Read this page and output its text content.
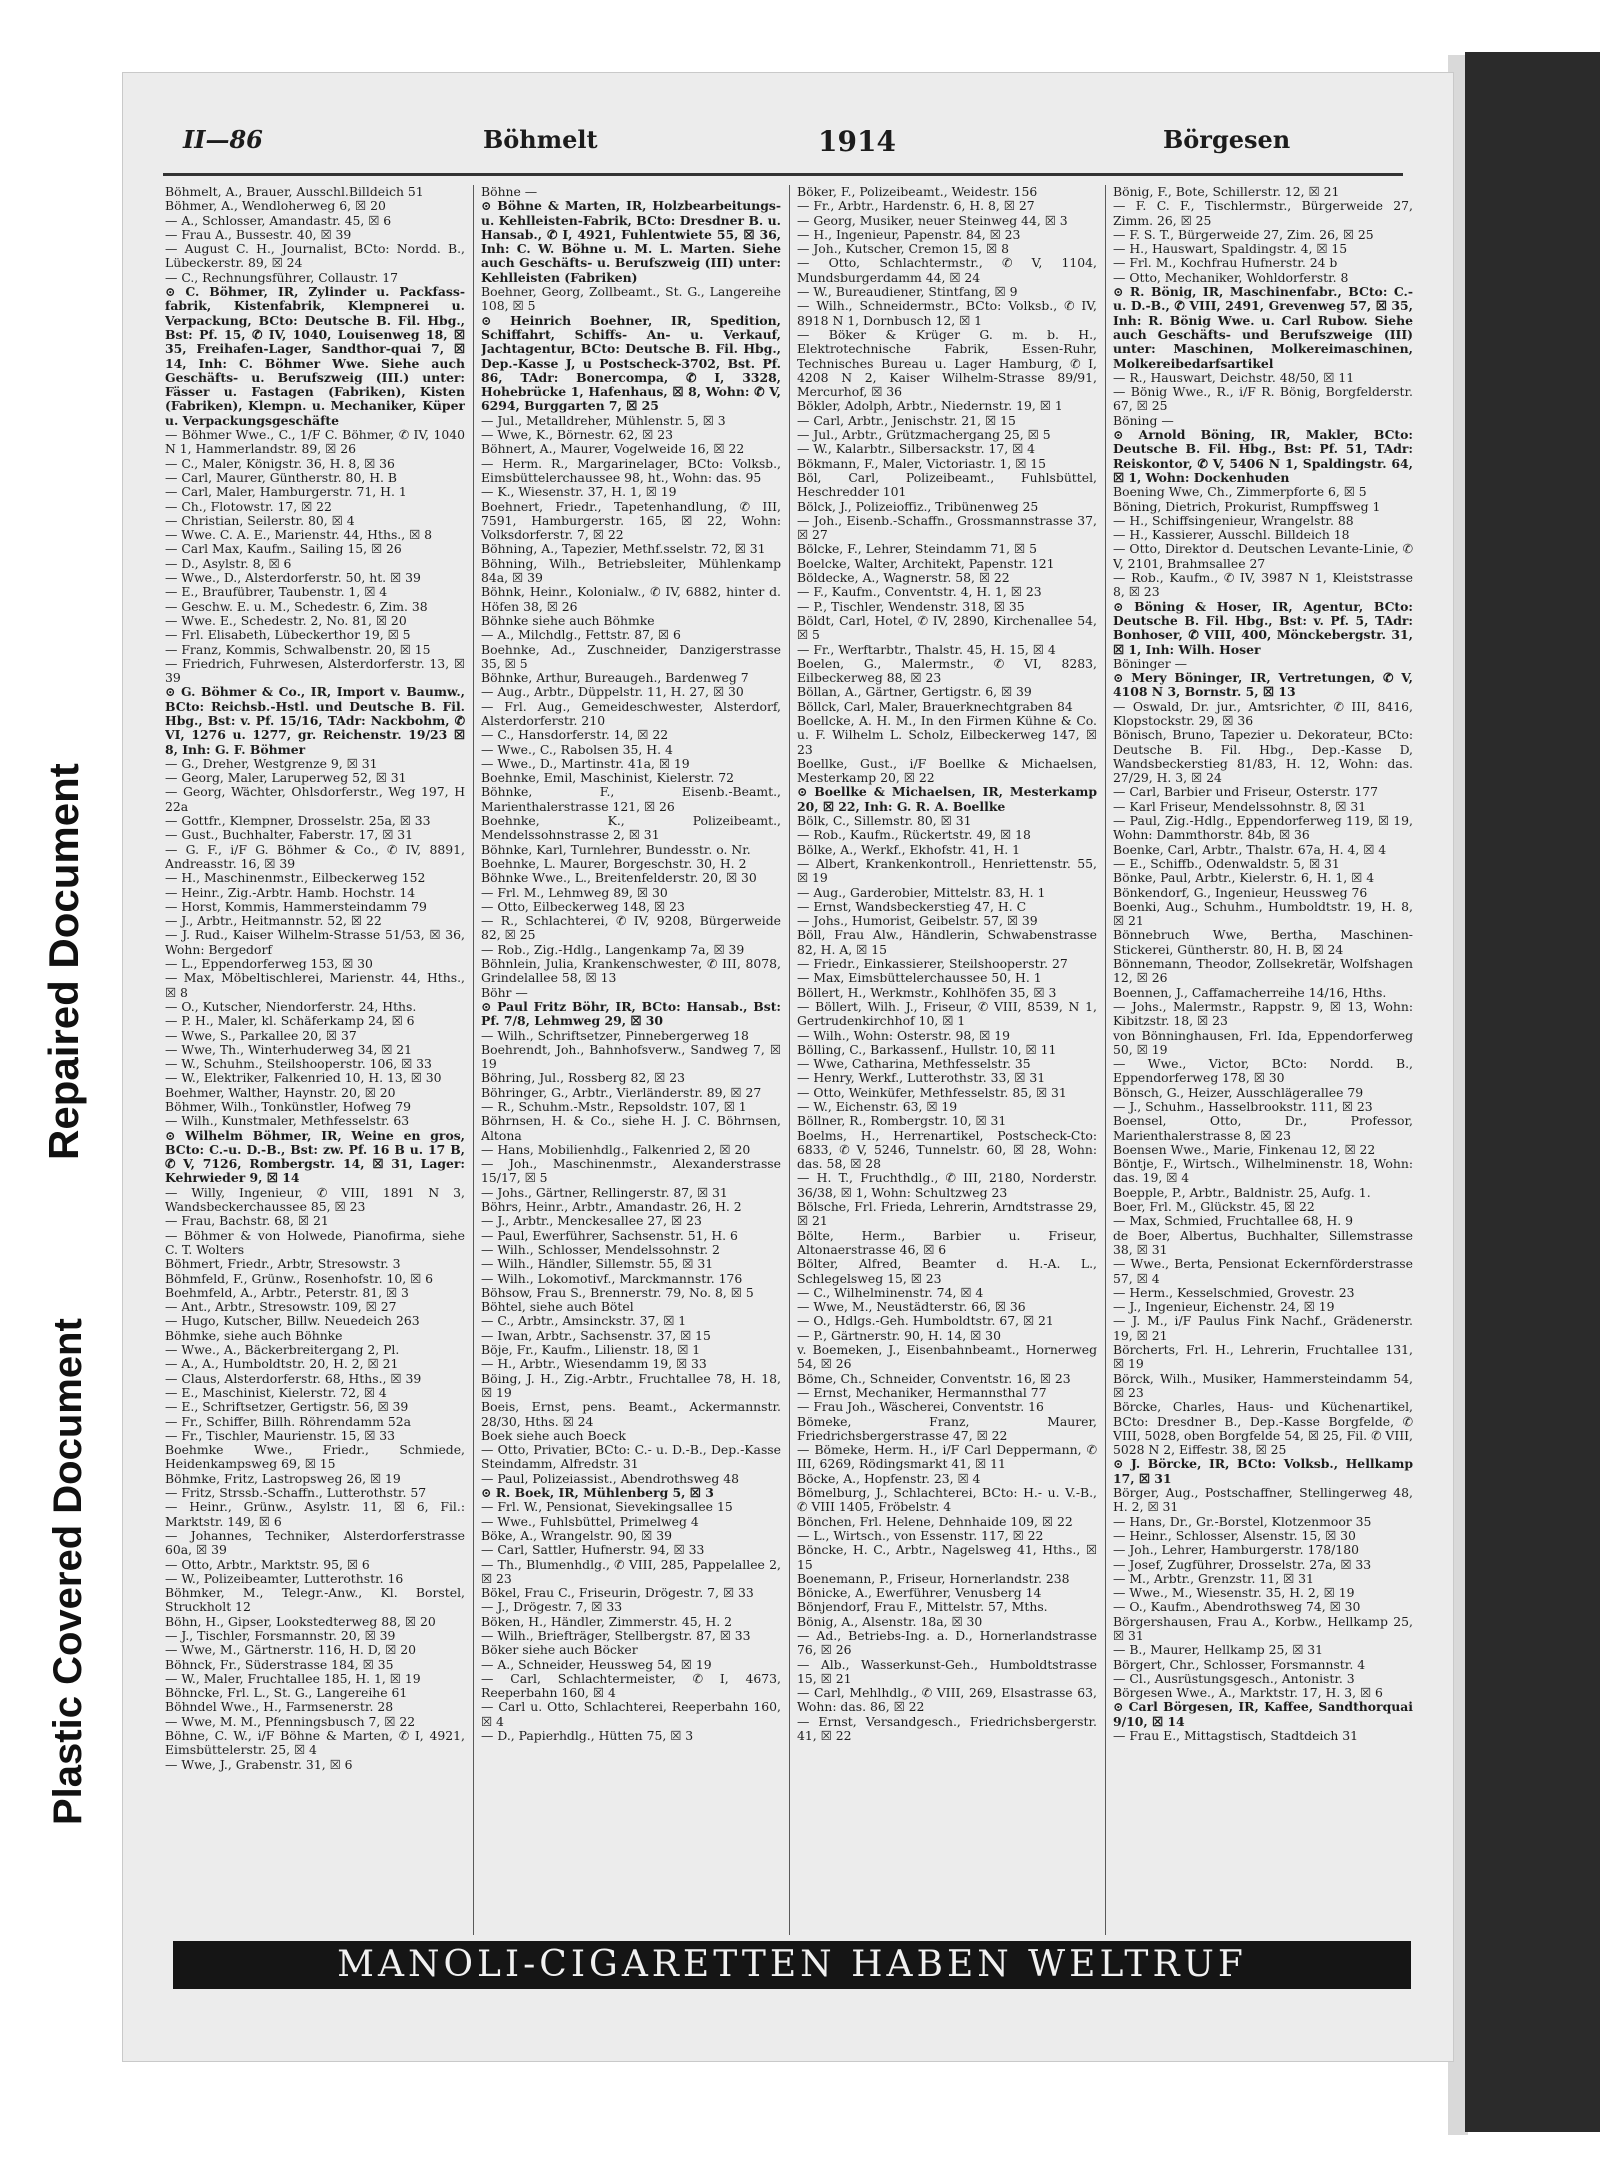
Repaired Document
Plastic Covered Document
II—86	Böhmelt	1914	Börgesen

Böhmelt, A., Brauer, Ausschl.Billdeich 51

Böhmer, A., Wendloherweg 6, ☒ 20

— A., Schlosser, Amandastr. 45, ☒ 6

— Frau A., Bussestr. 40, ☒ 39

— August C. H., Journalist, BCto: Nordd. B., Lübeckerstr. 89, ☒ 24

— C., Rechnungsführer, Collaustr. 17

⊙ C. Böhmer, IR, Zylinder u. Packfass-fabrik, Kistenfabrik, Klempnerei u. Verpackung, BCto: Deutsche B. Fil. Hbg., Bst: Pf. 15, ✆ IV, 1040, Louisenweg 18, ☒ 35, Freihafen-Lager, Sandthor-quai 7, ☒ 14, Inh: C. Böhmer Wwe. Siehe auch Geschäfts- u. Berufszweig (III.) unter: Fässer u. Fastagen (Fabriken), Kisten (Fabriken), Klempn. u. Mechaniker, Küper u. Verpackungsgeschäfte

— Böhmer Wwe., C., 1/F C. Böhmer, ✆ IV, 1040 N 1, Hammerlandstr. 89, ☒ 26

— C., Maler, Königstr. 36, H. 8, ☒ 36

— Carl, Maurer, Güntherstr. 80, H. B

— Carl, Maler, Hamburgerstr. 71, H. 1

— Ch., Flotowstr. 17, ☒ 22

— Christian, Seilerstr. 80, ☒ 4

— Wwe. C. A. E., Marienstr. 44, Hths., ☒ 8

— Carl Max, Kaufm., Sailing 15, ☒ 26

— D., Asylstr. 8, ☒ 6

— Wwe., D., Alsterdorferstr. 50, ht. ☒ 39

— E., Braufübrer, Taubenstr. 1, ☒ 4

— Geschw. E. u. M., Schedestr. 6, Zim. 38

— Wwe. E., Schedestr. 2, No. 81, ☒ 20

— Frl. Elisabeth, Lübeckerthor 19, ☒ 5

— Franz, Kommis, Schwalbenstr. 20, ☒ 15

— Friedrich, Fuhrwesen, Alsterdorferstr. 13, ☒ 39

⊙ G. Böhmer & Co., IR, Import v. Baumw., BCto: Reichsb.-Hstl. und Deutsche B. Fil. Hbg., Bst: v. Pf. 15/16, TAdr: Nackbohm, ✆ VI, 1276 u. 1277, gr. Reichenstr. 19/23 ☒ 8, Inh: G. F. Böhmer

— G., Dreher, Westgrenze 9, ☒ 31

— Georg, Maler, Laruperweg 52, ☒ 31

— Georg, Wächter, Ohlsdorferstr., Weg 197, H 22a

— Gottfr., Klempner, Drosselstr. 25a, ☒ 33

— Gust., Buchhalter, Faberstr. 17, ☒ 31

— G. F., i/F G. Böhmer & Co., ✆ IV, 8891, Andreasstr. 16, ☒ 39

— H., Maschinenmstr., Eilbeckerweg 152

— Heinr., Zig.-Arbtr. Hamb. Hochstr. 14

— Horst, Kommis, Hammersteindamm 79

— J., Arbtr., Heitmannstr. 52, ☒ 22

— J. Rud., Kaiser Wilhelm-Strasse 51/53, ☒ 36, Wohn: Bergedorf

— L., Eppendorferweg 153, ☒ 30

— Max, Möbeltischlerei, Marienstr. 44, Hths., ☒ 8

— O., Kutscher, Niendorferstr. 24, Hths.

— P. H., Maler, kl. Schäferkamp 24, ☒ 6

— Wwe, S., Parkallee 20, ☒ 37

— Wwe, Th., Winterhuderweg 34, ☒ 21

— W., Schuhm., Steilshooperstr. 106, ☒ 33

— W., Elektriker, Falkenried 10, H. 13, ☒ 30

Boehmer, Walther, Haynstr. 20, ☒ 20

Böhmer, Wilh., Tonkünstler, Hofweg 79

— Wilh., Kunstmaler, Methfesselstr. 63

⊙ Wilhelm Böhmer, IR, Weine en gros, BCto: C.-u. D.-B., Bst: zw. Pf. 16 B u. 17 B, ✆ V, 7126, Rombergstr. 14, ☒ 31, Lager: Kehrwieder 9, ☒ 14

— Willy, Ingenieur, ✆ VIII, 1891 N 3, Wandsbeckerchaussee 85, ☒ 23

— Frau, Bachstr. 68, ☒ 21

— Böhmer & von Holwede, Pianofirma, siehe C. T. Wolters

Böhmert, Friedr., Arbtr, Stresowstr. 3

Böhmfeld, F., Grünw., Rosenhofstr. 10, ☒ 6

Boehmfeld, A., Arbtr., Peterstr. 81, ☒ 3

— Ant., Arbtr., Stresowstr. 109, ☒ 27

— Hugo, Kutscher, Billw. Neuedeich 263

Böhmke, siehe auch Böhnke

— Wwe., A., Bäckerbreitergang 2, Pl.

— A., A., Humboldtstr. 20, H. 2, ☒ 21

— Claus, Alsterdorferstr. 68, Hths., ☒ 39

— E., Maschinist, Kielerstr. 72, ☒ 4

— E., Schriftsetzer, Gertigstr. 56, ☒ 39

— Fr., Schiffer, Billh. Röhrendamm 52a

— Fr., Tischler, Maurienstr. 15, ☒ 33

Boehmke Wwe., Friedr., Schmiede, Heidenkampsweg 69, ☒ 15

Böhmke, Fritz, Lastropsweg 26, ☒ 19

— Fritz, Strssb.-Schaffn., Lutterothstr. 57

— Heinr., Grünw., Asylstr. 11, ☒ 6, Fil.: Marktstr. 149, ☒ 6

— Johannes, Techniker, Alsterdorferstrasse 60a, ☒ 39

— Otto, Arbtr., Marktstr. 95, ☒ 6

— W., Polizeibeamter, Lutterothstr. 16

Böhmker, M., Telegr.-Anw., Kl. Borstel, Struckholt 12

Böhn, H., Gipser, Lookstedterweg 88, ☒ 20

— J., Tischler, Forsmannstr. 20, ☒ 39

— Wwe, M., Gärtnerstr. 116, H. D, ☒ 20

Böhnck, Fr., Süderstrasse 184, ☒ 35

— W., Maler, Fruchtallee 185, H. 1, ☒ 19

Böhncke, Frl. L., St. G., Langereihe 61

Böhndel Wwe., H., Farmsenerstr. 28

— Wwe, M. M., Pfenningsbusch 7, ☒ 22

Böhne, C. W., i/F Böhne & Marten, ✆ I, 4921, Eimsbüttelerstr. 25, ☒ 4

— Wwe, J., Grabenstr. 31, ☒ 6

Böhne —

⊙ Böhne & Marten, IR, Holzbearbeitungs- u. Kehlleisten-Fabrik, BCto: Dresdner B. u. Hansab., ✆ I, 4921, Fuhlentwiete 55, ☒ 36, Inh: C. W. Böhne u. M. L. Marten. Siehe auch Geschäfts- u. Berufszweig (III) unter: Kehlleisten (Fabriken)

Boehner, Georg, Zollbeamt., St. G., Langereihe 108, ☒ 5

⊙ Heinrich Boehner, IR, Spedition, Schiffahrt, Schiffs- An- u. Verkauf, Jachtagentur, BCto: Deutsche B. Fil. Hbg., Dep.-Kasse J, u Postscheck-3702, Bst. Pf. 86, TAdr: Bonercompa, ✆ I, 3328, Hohebrücke 1, Hafenhaus, ☒ 8, Wohn: ✆ V, 6294, Burggarten 7, ☒ 25

— Jul., Metalldreher, Mühlenstr. 5, ☒ 3

— Wwe, K., Börnestr. 62, ☒ 23

Böhnert, A., Maurer, Vogelweide 16, ☒ 22

— Herm. R., Margarinelager, BCto: Volksb., Eimsbüttelerchaussee 98, ht., Wohn: das. 95

— K., Wiesenstr. 37, H. 1, ☒ 19

Boehnert, Friedr., Tapetenhandlung, ✆ III, 7591, Hamburgerstr. 165, ☒ 22, Wohn: Volksdorferstr. 7, ☒ 22

Böhning, A., Tapezier, Methf.sselstr. 72, ☒ 31

Böhning, Wilh., Betriebsleiter, Mühlenkamp 84a, ☒ 39

Böhnk, Heinr., Kolonialw., ✆ IV, 6882, hinter d. Höfen 38, ☒ 26

Böhnke siehe auch Böhmke

— A., Milchdlg., Fettstr. 87, ☒ 6

Boehnke, Ad., Zuschneider, Danzigerstrasse 35, ☒ 5

Böhnke, Arthur, Bureaugeh., Bardenweg 7

— Aug., Arbtr., Düppelstr. 11, H. 27, ☒ 30

— Frl. Aug., Gemeideschwester, Alsterdorf, Alsterdorferstr. 210

— C., Hansdorferstr. 14, ☒ 22

— Wwe., C., Rabolsen 35, H. 4

— Wwe., D., Martinstr. 41a, ☒ 19

Boehnke, Emil, Maschinist, Kielerstr. 72

Böhnke, F., Eisenb.-Beamt., Marienthalerstrasse 121, ☒ 26

Boehnke, K., Polizeibeamt., Mendelssohnstrasse 2, ☒ 31

Böhnke, Karl, Turnlehrer, Bundesstr. o. Nr.

Boehnke, L. Maurer, Borgeschstr. 30, H. 2

Böhnke Wwe., L., Breitenfelderstr. 20, ☒ 30

— Frl. M., Lehmweg 89, ☒ 30

— Otto, Eilbeckerweg 148, ☒ 23

— R., Schlachterei, ✆ IV, 9208, Bürgerweide 82, ☒ 25

— Rob., Zig.-Hdlg., Langenkamp 7a, ☒ 39

Böhnlein, Julia, Krankenschwester, ✆ III, 8078, Grindelallee 58, ☒ 13

Böhr —

⊙ Paul Fritz Böhr, IR, BCto: Hansab., Bst: Pf. 7/8, Lehmweg 29, ☒ 30

— Wilh., Schriftsetzer, Pinnebergerweg 18

Boehrendt, Joh., Bahnhofsverw., Sandweg 7, ☒ 19

Böhring, Jul., Rossberg 82, ☒ 23

Böhringer, G., Arbtr., Vierländerstr. 89, ☒ 27

— R., Schuhm.-Mstr., Repsoldstr. 107, ☒ 1

Böhrnsen, H. & Co., siehe H. J. C. Böhrnsen, Altona

— Hans, Mobilienhdlg., Falkenried 2, ☒ 20

— Joh., Maschinenmstr., Alexanderstrasse 15/17, ☒ 5

— Johs., Gärtner, Rellingerstr. 87, ☒ 31

Böhrs, Heinr., Arbtr., Amandastr. 26, H. 2

— J., Arbtr., Menckesallee 27, ☒ 23

— Paul, Ewerführer, Sachsenstr. 51, H. 6

— Wilh., Schlosser, Mendelssohnstr. 2

— Wilh., Händler, Sillemstr. 55, ☒ 31

— Wilh., Lokomotivf., Marckmannstr. 176

Böhsow, Frau S., Brennerstr. 79, No. 8, ☒ 5

Böhtel, siehe auch Bötel

— C., Arbtr., Amsinckstr. 37, ☒ 1

— Iwan, Arbtr., Sachsenstr. 37, ☒ 15

Böje, Fr., Kaufm., Lilienstr. 18, ☒ 1

— H., Arbtr., Wiesendamm 19, ☒ 33

Böing, J. H., Zig.-Arbtr., Fruchtallee 78, H. 18, ☒ 19

Boeis, Ernst, pens. Beamt., Ackermannstr. 28/30, Hths. ☒ 24

Boek siehe auch Boeck

— Otto, Privatier, BCto: C.- u. D.-B., Dep.-Kasse Steindamm, Alfredstr. 31

— Paul, Polizeiassist., Abendrothsweg 48

⊙ R. Boek, IR, Mühlenberg 5, ☒ 3

— Frl. W., Pensionat, Sievekingsallee 15

— Wwe., Fuhlsbüttel, Primelweg 4

Böke, A., Wrangelstr. 90, ☒ 39

— Carl, Sattler, Hufnerstr. 94, ☒ 33

— Th., Blumenhdlg., ✆ VIII, 285, Pappelallee 2, ☒ 23

Bökel, Frau C., Friseurin, Drögestr. 7, ☒ 33

— J., Drögestr. 7, ☒ 33

Böken, H., Händler, Zimmerstr. 45, H. 2

— Wilh., Briefträger, Stellbergstr. 87, ☒ 33

Böker siehe auch Böcker

— A., Schneider, Heussweg 54, ☒ 19

— Carl, Schlachtermeister, ✆ I, 4673, Reeperbahn 160, ☒ 4

— Carl u. Otto, Schlachterei, Reeperbahn 160, ☒ 4

— D., Papierhdlg., Hütten 75, ☒ 3

Böker, F., Polizeibeamt., Weidestr. 156

— Fr., Arbtr., Hardenstr. 6, H. 8, ☒ 27

— Georg, Musiker, neuer Steinweg 44, ☒ 3

— H., Ingenieur, Papenstr. 84, ☒ 23

— Joh., Kutscher, Cremon 15, ☒ 8

— Otto, Schlachtermstr., ✆ V, 1104, Mundsburgerdamm 44, ☒ 24

— W., Bureaudiener, Stintfang, ☒ 9

— Wilh., Schneidermstr., BCto: Volksb., ✆ IV, 8918 N 1, Dornbusch 12, ☒ 1

— Böker & Krüger G. m. b. H., Elektrotechnische Fabrik, Essen-Ruhr, Technisches Bureau u. Lager Hamburg, ✆ I, 4208 N 2, Kaiser Wilhelm-Strasse 89/91, Mercurhof, ☒ 36

Bökler, Adolph, Arbtr., Niedernstr. 19, ☒ 1

— Carl, Arbtr., Jenischstr. 21, ☒ 15

— Jul., Arbtr., Grützmachergang 25, ☒ 5

— W., Kalarbtr., Silbersackstr. 17, ☒ 4

Bökmann, F., Maler, Victoriastr. 1, ☒ 15

Böl, Carl, Polizeibeamt., Fuhlsbüttel, Heschredder 101

Bölck, J., Polizeioffiz., Tribünenweg 25

— Joh., Eisenb.-Schaffn., Grossmannstrasse 37, ☒ 27

Bölcke, F., Lehrer, Steindamm 71, ☒ 5

Boelcke, Walter, Architekt, Papenstr. 121

Böldecke, A., Wagnerstr. 58, ☒ 22

— F., Kaufm., Conventstr. 4, H. 1, ☒ 23

— P., Tischler, Wendenstr. 318, ☒ 35

Böldt, Carl, Hotel, ✆ IV, 2890, Kirchenallee 54, ☒ 5

— Fr., Werftarbtr., Thalstr. 45, H. 15, ☒ 4

Boelen, G., Malermstr., ✆ VI, 8283, Eilbeckerweg 88, ☒ 23

Böllan, A., Gärtner, Gertigstr. 6, ☒ 39

Böllck, Carl, Maler, Brauerknechtgraben 84

Boellcke, A. H. M., In den Firmen Kühne & Co. u. F. Wilhelm L. Scholz, Eilbeckerweg 147, ☒ 23

Boellke, Gust., i/F Boellke & Michaelsen, Mesterkamp 20, ☒ 22

⊙ Boellke & Michaelsen, IR, Mesterkamp 20, ☒ 22, Inh: G. R. A. Boellke

Bölk, C., Sillemstr. 80, ☒ 31

— Rob., Kaufm., Rückertstr. 49, ☒ 18

Bölke, A., Werkf., Ekhofstr. 41, H. 1

— Albert, Krankenkontroll., Henriettenstr. 55, ☒ 19

— Aug., Garderobier, Mittelstr. 83, H. 1

— Ernst, Wandsbeckerstieg 47, H. C

— Johs., Humorist, Geibelstr. 57, ☒ 39

Böll, Frau Alw., Händlerin, Schwabenstrasse 82, H. A, ☒ 15

— Friedr., Einkassierer, Steilshooperstr. 27

— Max, Eimsbüttelerchaussee 50, H. 1

Böllert, H., Werkmstr., Kohlhöfen 35, ☒ 3

— Böllert, Wilh. J., Friseur, ✆ VIII, 8539, N 1, Gertrudenkirchhof 10, ☒ 1

— Wilh., Wohn: Osterstr. 98, ☒ 19

Bölling, C., Barkassenf., Hullstr. 10, ☒ 11

— Wwe, Catharina, Methfesselstr. 35

— Henry, Werkf., Lutterothstr. 33, ☒ 31

— Otto, Weinküfer, Methfesselstr. 85, ☒ 31

— W., Eichenstr. 63, ☒ 19

Böllner, R., Rombergstr. 10, ☒ 31

Boelms, H., Herrenartikel, Postscheck-Cto: 6833, ✆ V, 5246, Tunnelstr. 60, ☒ 28, Wohn: das. 58, ☒ 28

— H. T., Fruchthdlg., ✆ III, 2180, Norderstr. 36/38, ☒ 1, Wohn: Schultzweg 23

Bölsche, Frl. Frieda, Lehrerin, Arndtstrasse 29, ☒ 21

Bölte, Herm., Barbier u. Friseur, Altonaerstrasse 46, ☒ 6

Bölter, Alfred, Beamter d. H.-A. L., Schlegelsweg 15, ☒ 23

— C., Wilhelminenstr. 74, ☒ 4

— Wwe, M., Neustädterstr. 66, ☒ 36

— O., Hdlgs.-Geh. Humboldtstr. 67, ☒ 21

— P., Gärtnerstr. 90, H. 14, ☒ 30

v. Boemeken, J., Eisenbahnbeamt., Hornerweg 54, ☒ 26

Böme, Ch., Schneider, Conventstr. 16, ☒ 23

— Ernst, Mechaniker, Hermannsthal 77

— Frau Joh., Wäscherei, Conventstr. 16

Bömeke, Franz, Maurer, Friedrichsbergerstrasse 47, ☒ 22

— Bömeke, Herm. H., i/F Carl Deppermann, ✆ III, 6269, Rödingsmarkt 41, ☒ 11

Böcke, A., Hopfenstr. 23, ☒ 4

Bömelburg, J., Schlachterei, BCto: H.- u. V.-B., ✆ VIII 1405, Fröbelstr. 4

Bönchen, Frl. Helene, Dehnhaide 109, ☒ 22

— L., Wirtsch., von Essenstr. 117, ☒ 22

Böncke, H. C., Arbtr., Nagelsweg 41, Hths., ☒ 15

Boenemann, P., Friseur, Hornerlandstr. 238

Bönicke, A., Ewerführer, Venusberg 14

Bönjendorf, Frau F., Mittelstr. 57, Mths.

Bönig, A., Alsenstr. 18a, ☒ 30

— Ad., Betriebs-Ing. a. D., Hornerlandstrasse 76, ☒ 26

— Alb., Wasserkunst-Geh., Humboldtstrasse 15, ☒ 21

— Carl, Mehlhdlg., ✆ VIII, 269, Elsastrasse 63, Wohn: das. 86, ☒ 22

— Ernst, Versandgesch., Friedrichsbergerstr. 41, ☒ 22

Bönig, F., Bote, Schillerstr. 12, ☒ 21

— F. C. F., Tischlermstr., Bürgerweide 27, Zimm. 26, ☒ 25

— F. S. T., Bürgerweide 27, Zim. 26, ☒ 25

— H., Hauswart, Spaldingstr. 4, ☒ 15

— Frl. M., Kochfrau Hufnerstr. 24 b

— Otto, Mechaniker, Wohldorferstr. 8

⊙ R. Bönig, IR, Maschinenfabr., BCto: C.- u. D.-B., ✆ VIII, 2491, Grevenweg 57, ☒ 35, Inh: R. Bönig Wwe. u. Carl Rubow. Siehe auch Geschäfts- und Berufszweige (III) unter: Maschinen, Molkereimaschinen, Molkereibedarfsartikel

— R., Hauswart, Deichstr. 48/50, ☒ 11

— Bönig Wwe., R., i/F R. Bönig, Borgfelderstr. 67, ☒ 25

Böning —

⊙ Arnold Böning, IR, Makler, BCto: Deutsche B. Fil. Hbg., Bst: Pf. 51, TAdr: Reiskontor, ✆ V, 5406 N 1, Spaldingstr. 64, ☒ 1, Wohn: Dockenhuden

Boening Wwe, Ch., Zimmerpforte 6, ☒ 5

Böning, Dietrich, Prokurist, Rumpffsweg 1

— H., Schiffsingenieur, Wrangelstr. 88

— H., Kassierer, Ausschl. Billdeich 18

— Otto, Direktor d. Deutschen Levante-Linie, ✆ V, 2101, Brahmsallee 27

— Rob., Kaufm., ✆ IV, 3987 N 1, Kleiststrasse 8, ☒ 23

⊙ Böning & Hoser, IR, Agentur, BCto: Deutsche B. Fil. Hbg., Bst: v. Pf. 5, TAdr: Bonhoser, ✆ VIII, 400, Mönckebergstr. 31, ☒ 1, Inh: Wilh. Hoser

Böninger —

⊙ Mery Böninger, IR, Vertretungen, ✆ V, 4108 N 3, Bornstr. 5, ☒ 13

— Oswald, Dr. jur., Amtsrichter, ✆ III, 8416, Klopstockstr. 29, ☒ 36

Bönisch, Bruno, Tapezier u. Dekorateur, BCto: Deutsche B. Fil. Hbg., Dep.-Kasse D, Wandsbeckerstieg 81/83, H. 12, Wohn: das. 27/29, H. 3, ☒ 24

— Carl, Barbier und Friseur, Osterstr. 177

— Karl Friseur, Mendelssohnstr. 8, ☒ 31

— Paul, Zig.-Hdlg., Eppendorferweg 119, ☒ 19, Wohn: Dammthorstr. 84b, ☒ 36

Boenke, Carl, Arbtr., Thalstr. 67a, H. 4, ☒ 4

— E., Schiffb., Odenwaldstr. 5, ☒ 31

Bönke, Paul, Arbtr., Kielerstr. 6, H. 1, ☒ 4

Bönkendorf, G., Ingenieur, Heussweg 76

Boenki, Aug., Schuhm., Humboldtstr. 19, H. 8, ☒ 21

Bönnebruch Wwe, Bertha, Maschinen-Stickerei, Güntherstr. 80, H. B, ☒ 24

Bönnemann, Theodor, Zollsekretär, Wolfshagen 12, ☒ 26

Boennen, J., Caffamacherreihe 14/16, Hths.

— Johs., Malermstr., Rappstr. 9, ☒ 13, Wohn: Kibitzstr. 18, ☒ 23

von Bönninghausen, Frl. Ida, Eppendorferweg 50, ☒ 19

— Wwe., Victor, BCto: Nordd. B., Eppendorferweg 178, ☒ 30

Bönsch, G., Heizer, Ausschlägerallee 79

— J., Schuhm., Hasselbrookstr. 111, ☒ 23

Boensel, Otto, Dr., Professor, Marienthalerstrasse 8, ☒ 23

Boensen Wwe., Marie, Finkenau 12, ☒ 22

Böntje, F., Wirtsch., Wilhelminenstr. 18, Wohn: das. 19, ☒ 4

Boepple, P., Arbtr., Baldnistr. 25, Aufg. 1.

Boer, Frl. M., Glückstr. 45, ☒ 22

— Max, Schmied, Fruchtallee 68, H. 9

de Boer, Albertus, Buchhalter, Sillemstrasse 38, ☒ 31

— Wwe., Berta, Pensionat Eckernförderstrasse 57, ☒ 4

— Herm., Kesselschmied, Grovestr. 23

— J., Ingenieur, Eichenstr. 24, ☒ 19

— J. M., i/F Paulus Fink Nachf., Grädenerstr. 19, ☒ 21

Börcherts, Frl. H., Lehrerin, Fruchtallee 131, ☒ 19

Börck, Wilh., Musiker, Hammersteindamm 54, ☒ 23

Börcke, Charles, Haus- und Küchenartikel, BCto: Dresdner B., Dep.-Kasse Borgfelde, ✆ VIII, 5028, oben Borgfelde 54, ☒ 25, Fil. ✆ VIII, 5028 N 2, Eiffestr. 38, ☒ 25

⊙ J. Börcke, IR, BCto: Volksb., Hellkamp 17, ☒ 31

Börger, Aug., Postschaffner, Stellingerweg 48, H. 2, ☒ 31

— Hans, Dr., Gr.-Borstel, Klotzenmoor 35

— Heinr., Schlosser, Alsenstr. 15, ☒ 30

— Joh., Lehrer, Hamburgerstr. 178/180

— Josef, Zugführer, Drosselstr. 27a, ☒ 33

— M., Arbtr., Grenzstr. 11, ☒ 31

— Wwe., M., Wiesenstr. 35, H. 2, ☒ 19

— O., Kaufm., Abendrothsweg 74, ☒ 30

Börgershausen, Frau A., Korbw., Hellkamp 25, ☒ 31

— B., Maurer, Hellkamp 25, ☒ 31

Börgert, Chr., Schlosser, Forsmannstr. 4

— Cl., Ausrüstungsgesch., Antonistr. 3

Börgesen Wwe., A., Marktstr. 17, H. 3, ☒ 6

⊙ Carl Börgesen, IR, Kaffee, Sandthorquai 9/10, ☒ 14

— Frau E., Mittagstisch, Stadtdeich 31

MANOLI-CIGARETTEN HABEN WELTRUF
